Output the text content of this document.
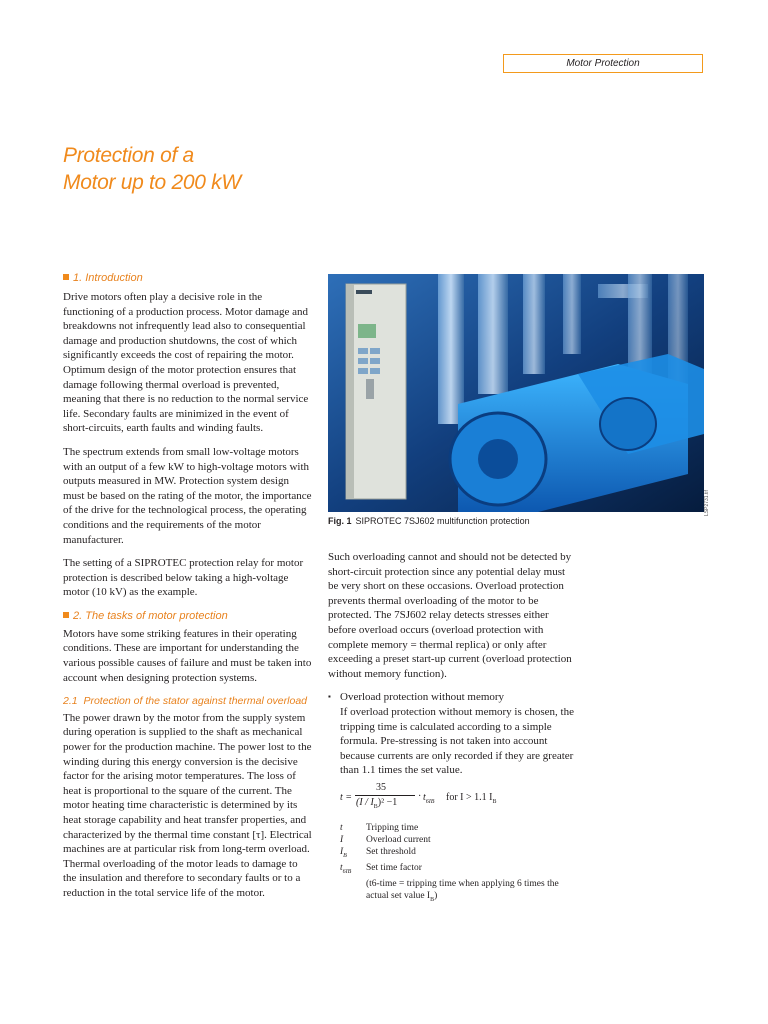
Motor Protection
Protection of a
Motor up to 200 kW
1. Introduction

Drive motors often play a decisive role in the functioning of a production process. Motor damage and breakdowns not infrequently lead also to consequential damage and production shutdowns, the cost of which significantly exceeds the cost of repairing the motor. Optimum design of the motor protection ensures that damage following thermal overload is prevented, meaning that there is no reduction to the normal service life. Secondary faults are minimized in the event of short-circuits, earth faults and winding faults.

The spectrum extends from small low-voltage motors with an output of a few kW to high-voltage motors with outputs measured in MW. Protection system design must be based on the rating of the motor, the importance of the drive for the technological process, the operating conditions and the requirements of the motor manufacturer.

The setting of a SIPROTEC protection relay for motor protection is described below taking a high-voltage motor (10 kV) as the example.

2. The tasks of motor protection

Motors have some striking features in their operating conditions. These are important for understanding the various possible causes of failure and must be taken into account when designing protection systems.

2.1 Protection of the stator against thermal overload

The power drawn by the motor from the supply system during operation is supplied to the shaft as mechanical power for the production machine. The power lost to the winding during this energy conversion is the decisive factor for the arising motor temperatures. The loss of heat is proportional to the square of the current. The motor heating time characteristic is determined by its heat storage capability and heat transfer properties, and characterized by the thermal time constant [τ]. Electrical machines are at particular risk from long-term overload. Thermal overloading of the motor leads to damage to the insulation and therefore to secondary faults or to a reduction in the total service life of the motor.

LSP2731.tif
Fig. 1 SIPROTEC 7SJ602 multifunction protection

Such overloading cannot and should not be detected by short-circuit protection since any potential delay must be very short on these occasions. Overload protection prevents thermal overloading of the motor to be protected. The 7SJ602 relay detects stresses either before overload occurs (overload protection with complete memory = thermal replica) or only after exceeding a preset start-up current (overload protection without memory function).

▪ Overload protection without memory

If overload protection without memory is chosen, the tripping time is calculated according to a simple formula. Pre-stressing is not taken into account because currents are only recorded if they are greater than 1.1 times the set value.

t =
35
$(I / I_B)^2 -1$
· $t_{6IB}$ for I > 1.1 $I_B$
t	Tripping time
I	Overload current
$I_B$	Set threshold
$t_{6IB}$	Set time factor
(t6-time = tripping time when applying 6 times the actual set value $I_B$)
